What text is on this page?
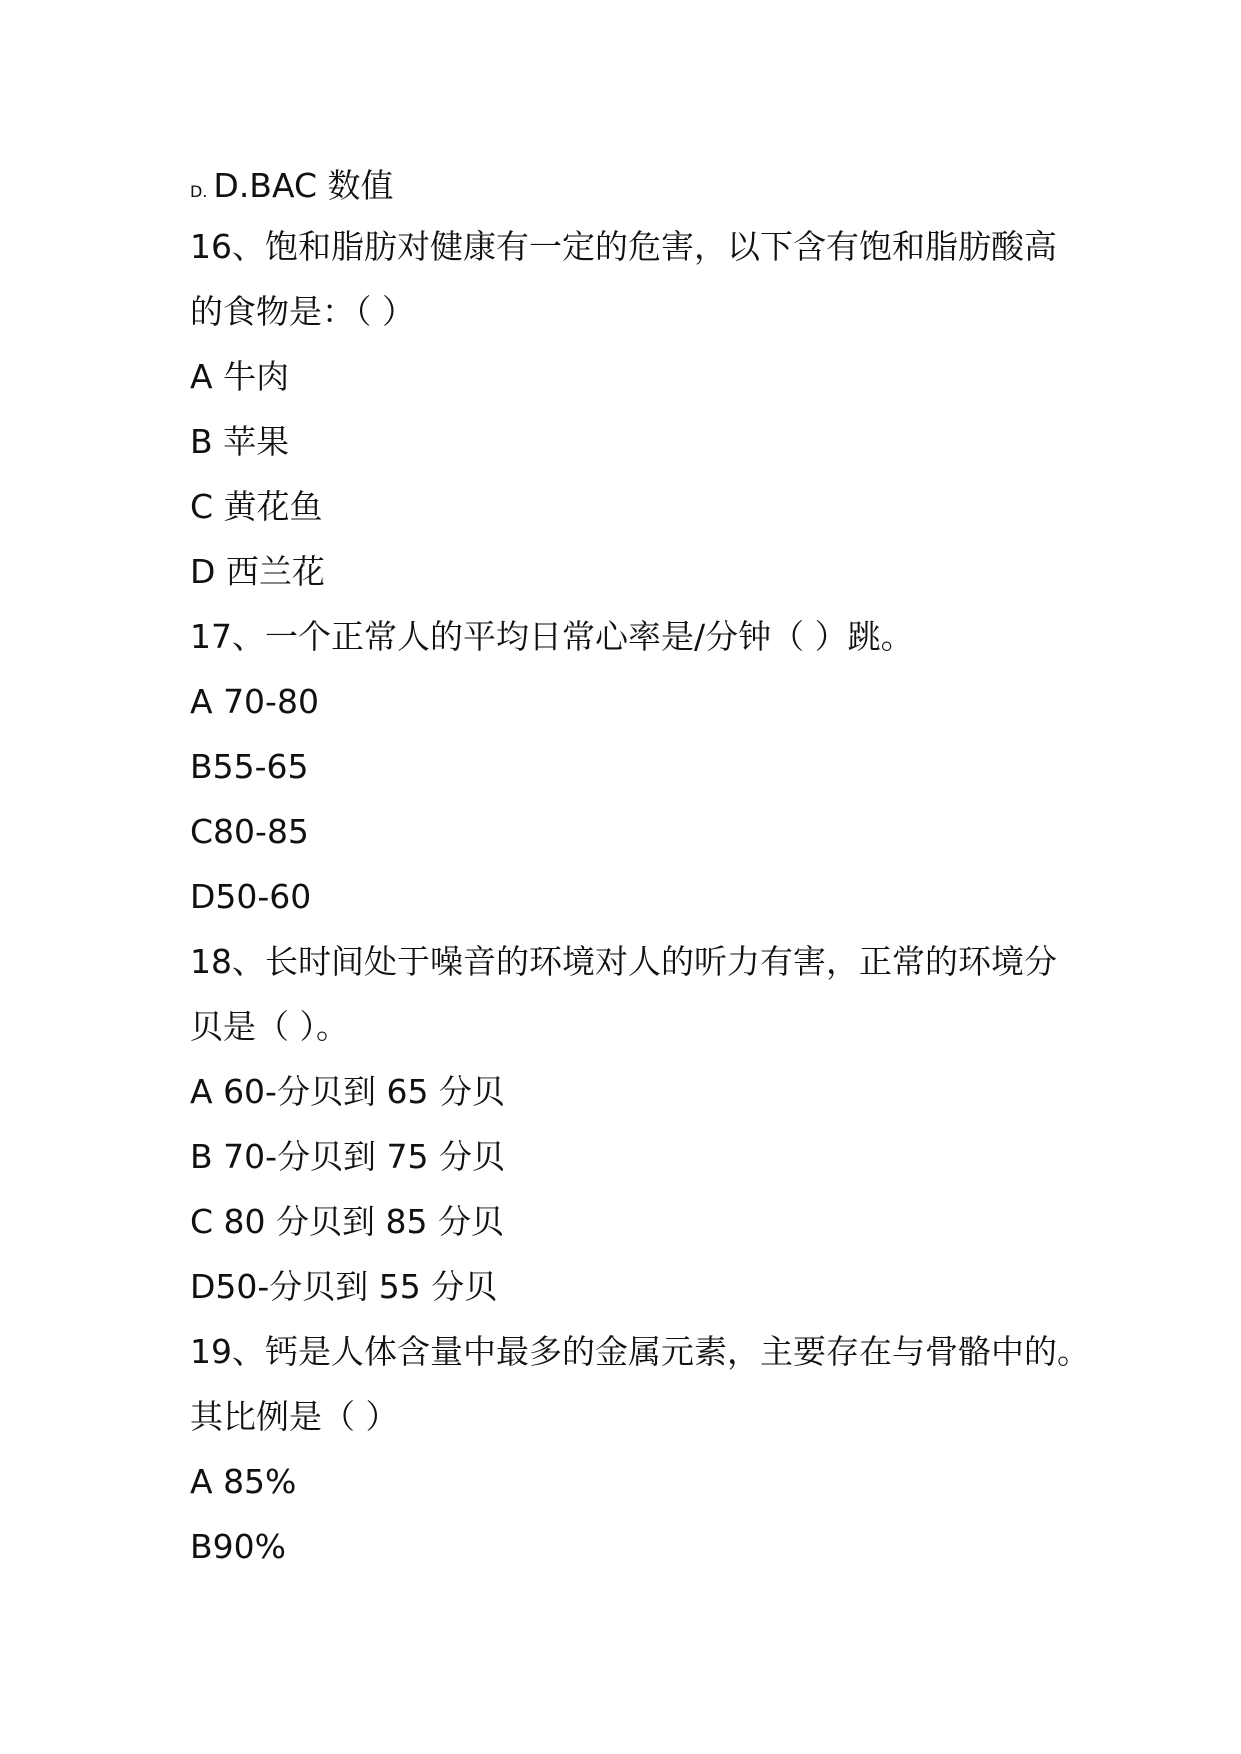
D. D.BAC 数值
16、饱和脂肪对健康有一定的危害，以下含有饱和脂肪酸高
的食物是：（ ）
A 牛肉
B 苹果
C 黄花鱼
D 西兰花
17、一个正常人的平均日常心率是/分钟（ ）跳。
A 70-80
B55-65
C80-85
D50-60
18、长时间处于噪音的环境对人的听力有害，正常的环境分
贝是（ ）。
A 60-分贝到 65 分贝
B 70-分贝到 75 分贝
C 80 分贝到 85 分贝
D50-分贝到 55 分贝
19、钙是人体含量中最多的金属元素，主要存在与骨骼中的。
其比例是（ ）
A 85%
B90%
